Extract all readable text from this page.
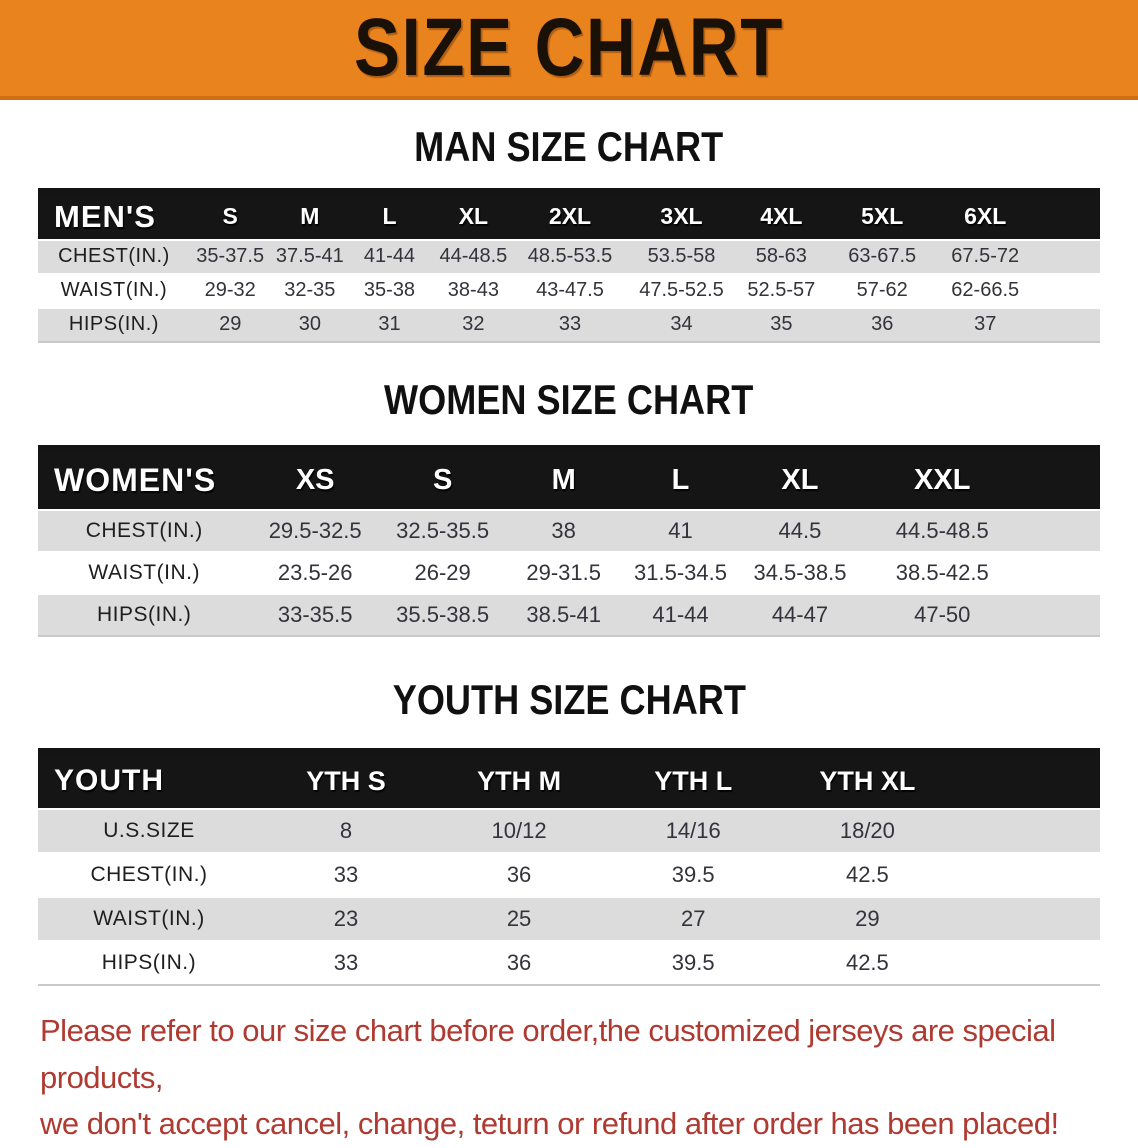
SIZE CHART
MAN SIZE CHART
MEN'S	S	M	L	XL	2XL	3XL	4XL	5XL	6XL	
CHEST(IN.)	35-37.5	37.5-41	41-44	44-48.5	48.5-53.5	53.5-58	58-63	63-67.5	67.5-72	
WAIST(IN.)	29-32	32-35	35-38	38-43	43-47.5	47.5-52.5	52.5-57	57-62	62-66.5	
HIPS(IN.)	29	30	31	32	33	34	35	36	37	
WOMEN SIZE CHART
WOMEN'S	XS	S	M	L	XL	XXL	
CHEST(IN.)	29.5-32.5	32.5-35.5	38	41	44.5	44.5-48.5	
WAIST(IN.)	23.5-26	26-29	29-31.5	31.5-34.5	34.5-38.5	38.5-42.5	
HIPS(IN.)	33-35.5	35.5-38.5	38.5-41	41-44	44-47	47-50	
YOUTH SIZE CHART
YOUTH	YTH S	YTH M	YTH L	YTH XL	
U.S.SIZE	8	10/12	14/16	18/20	
CHEST(IN.)	33	36	39.5	42.5	
WAIST(IN.)	23	25	27	29	
HIPS(IN.)	33	36	39.5	42.5	

Please refer to our size chart before order,the customized jerseys are special products,

we don't accept cancel, change, teturn or refund after order has been placed!
